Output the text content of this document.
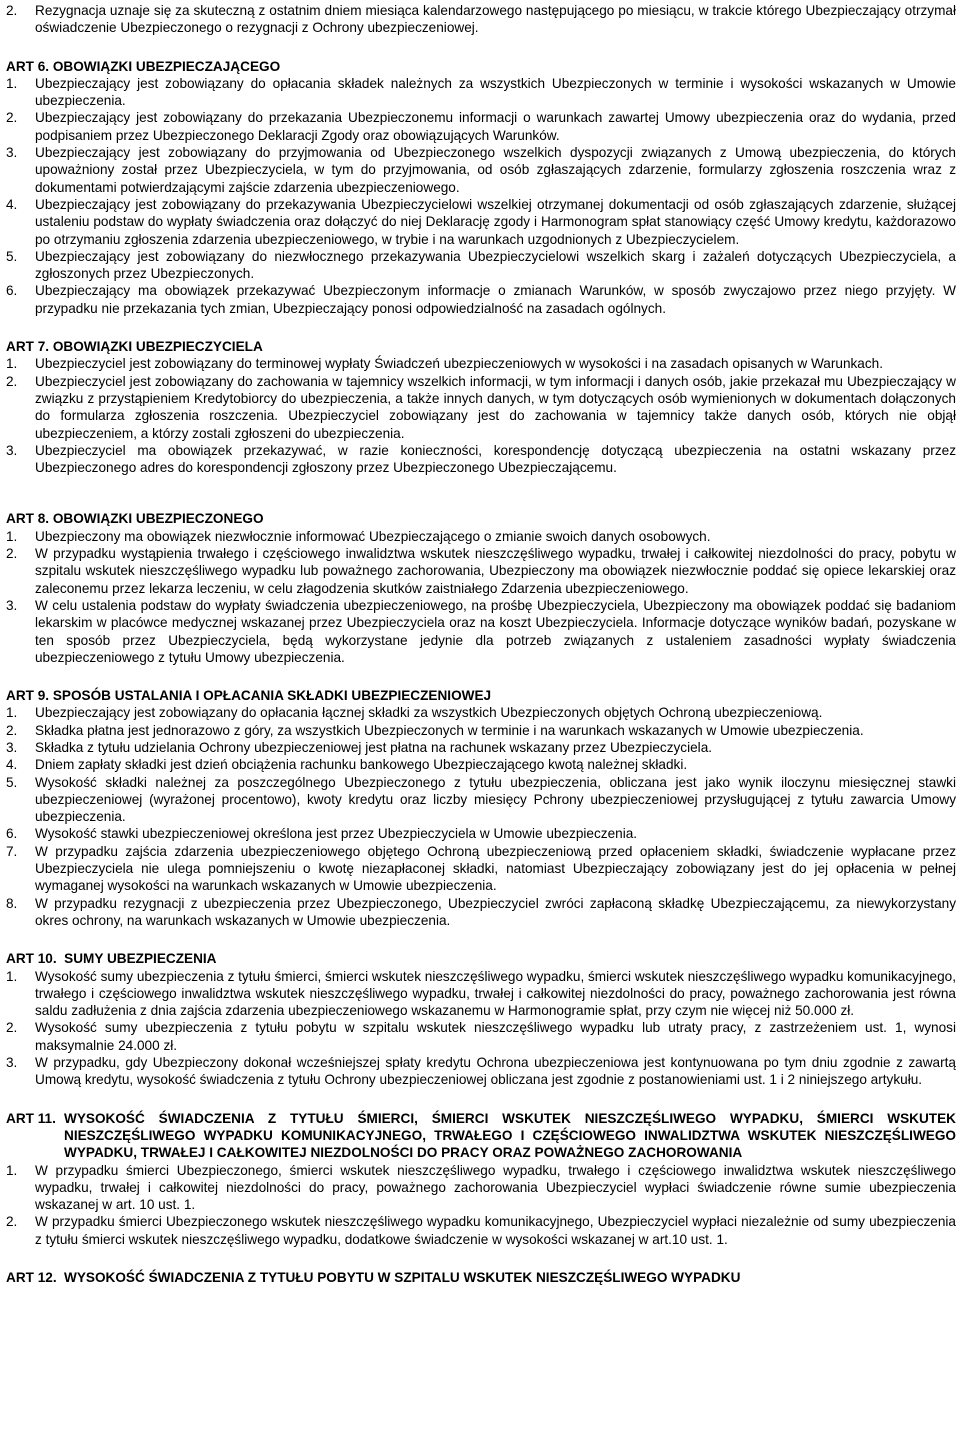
2.	Rezygnacja uznaje się za skuteczną z ostatnim dniem miesiąca kalendarzowego następującego po miesiącu, w trakcie którego Ubezpieczający otrzymał oświadczenie Ubezpieczonego o rezygnacji z Ochrony ubezpieczeniowej.
ART 6. OBOWIĄZKI UBEZPIECZAJĄCEGO
1.	Ubezpieczający jest zobowiązany do opłacania składek należnych za wszystkich Ubezpieczonych w terminie i wysokości wskazanych w Umowie ubezpieczenia.
2.	Ubezpieczający jest zobowiązany do przekazania Ubezpieczonemu informacji o warunkach zawartej Umowy ubezpieczenia oraz do wydania, przed podpisaniem przez Ubezpieczonego Deklaracji Zgody oraz obowiązujących Warunków.
3.	Ubezpieczający jest zobowiązany do przyjmowania od Ubezpieczonego wszelkich dyspozycji związanych z Umową ubezpieczenia, do których upoważniony został przez Ubezpieczyciela, w tym do przyjmowania, od osób zgłaszających zdarzenie, formularzy zgłoszenia roszczenia wraz z dokumentami potwierdzającymi zajście zdarzenia ubezpieczeniowego.
4.	Ubezpieczający jest zobowiązany do przekazywania Ubezpieczycielowi wszelkiej otrzymanej dokumentacji od osób zgłaszających zdarzenie, służącej ustaleniu podstaw do wypłaty świadczenia oraz dołączyć do niej Deklarację zgody i Harmonogram spłat stanowiący część Umowy kredytu, każdorazowo po otrzymaniu zgłoszenia zdarzenia ubezpieczeniowego, w trybie i na warunkach uzgodnionych z Ubezpieczycielem.
5.	Ubezpieczający jest zobowiązany do niezwłocznego przekazywania Ubezpieczycielowi wszelkich skarg i zażaleń dotyczących Ubezpieczyciela, a zgłoszonych przez Ubezpieczonych.
6.	Ubezpieczający ma obowiązek przekazywać Ubezpieczonym informacje o zmianach Warunków, w sposób zwyczajowo przez niego przyjęty. W przypadku nie przekazania tych zmian, Ubezpieczający ponosi odpowiedzialność na zasadach ogólnych.
ART 7. OBOWIĄZKI UBEZPIECZYCIELA
1.	Ubezpieczyciel jest zobowiązany do terminowej wypłaty Świadczeń ubezpieczeniowych w wysokości i na zasadach opisanych w Warunkach.
2.	Ubezpieczyciel jest zobowiązany do zachowania w tajemnicy wszelkich informacji, w tym informacji i danych osób, jakie przekazał mu Ubezpieczający w związku z przystąpieniem Kredytobiorcy do ubezpieczenia, a także innych danych, w tym dotyczących osób wymienionych w dokumentach dołączonych do formularza zgłoszenia roszczenia. Ubezpieczyciel zobowiązany jest do zachowania w tajemnicy także danych osób, których nie objął ubezpieczeniem, a którzy zostali zgłoszeni do ubezpieczenia.
3.	Ubezpieczyciel ma obowiązek przekazywać, w razie konieczności, korespondencję dotyczącą ubezpieczenia na ostatni wskazany przez Ubezpieczonego adres do korespondencji zgłoszony przez Ubezpieczonego Ubezpieczającemu.
ART 8. OBOWIĄZKI UBEZPIECZONEGO
1.	Ubezpieczony ma obowiązek niezwłocznie informować Ubezpieczającego o zmianie swoich danych osobowych.
2.	W przypadku wystąpienia trwałego i częściowego inwalidztwa wskutek nieszczęśliwego wypadku, trwałej i całkowitej niezdolności do pracy, pobytu w szpitalu wskutek nieszczęśliwego wypadku lub poważnego zachorowania, Ubezpieczony ma obowiązek niezwłocznie poddać się opiece lekarskiej oraz zaleconemu przez lekarza leczeniu, w celu złagodzenia skutków zaistniałego Zdarzenia ubezpieczeniowego.
3.	W celu ustalenia podstaw do wypłaty świadczenia ubezpieczeniowego, na prośbę Ubezpieczyciela, Ubezpieczony ma obowiązek poddać się badaniom lekarskim w placówce medycznej wskazanej przez Ubezpieczyciela oraz na koszt Ubezpieczyciela. Informacje dotyczące wyników badań, pozyskane w ten sposób przez Ubezpieczyciela, będą wykorzystane jedynie dla potrzeb związanych z ustaleniem zasadności wypłaty świadczenia ubezpieczeniowego z tytułu Umowy ubezpieczenia.
ART 9. SPOSÓB USTALANIA I OPŁACANIA SKŁADKI UBEZPIECZENIOWEJ
1.	Ubezpieczający jest zobowiązany do opłacania łącznej składki za wszystkich Ubezpieczonych objętych Ochroną ubezpieczeniową.
2.	Składka płatna jest jednorazowo z góry, za wszystkich Ubezpieczonych w terminie i na warunkach wskazanych w Umowie ubezpieczenia.
3.	Składka z tytułu udzielania Ochrony ubezpieczeniowej jest płatna na rachunek wskazany przez Ubezpieczyciela.
4.	Dniem zapłaty składki jest dzień obciążenia rachunku bankowego Ubezpieczającego kwotą należnej składki.
5.	Wysokość składki należnej za poszczególnego Ubezpieczonego z tytułu ubezpieczenia, obliczana jest jako wynik iloczynu miesięcznej stawki ubezpieczeniowej (wyrażonej procentowo), kwoty kredytu oraz liczby miesięcy Pchrony ubezpieczeniowej przysługującej z tytułu zawarcia Umowy ubezpieczenia.
6.	Wysokość stawki ubezpieczeniowej określona jest przez Ubezpieczyciela w Umowie ubezpieczenia.
7.	W przypadku zajścia zdarzenia ubezpieczeniowego objętego Ochroną ubezpieczeniową przed opłaceniem składki, świadczenie wypłacane przez Ubezpieczyciela nie ulega pomniejszeniu o kwotę niezapłaconej składki, natomiast Ubezpieczający zobowiązany jest do jej opłacenia w pełnej wymaganej wysokości na warunkach wskazanych w Umowie ubezpieczenia.
8.	W przypadku rezygnacji z ubezpieczenia przez Ubezpieczonego, Ubezpieczyciel zwróci zapłaconą składkę Ubezpieczającemu, za niewykorzystany okres ochrony, na warunkach wskazanych w Umowie ubezpieczenia.
ART 10. SUMY UBEZPIECZENIA
1.	Wysokość sumy ubezpieczenia z tytułu śmierci, śmierci wskutek nieszczęśliwego wypadku, śmierci wskutek nieszczęśliwego wypadku komunikacyjnego, trwałego i częściowego inwalidztwa wskutek nieszczęśliwego wypadku, trwałej i całkowitej niezdolności do pracy, poważnego zachorowania jest równa saldu zadłużenia z dnia zajścia zdarzenia ubezpieczeniowego wskazanemu w Harmonogramie spłat, przy czym nie więcej niż 50.000 zł.
2.	Wysokość sumy ubezpieczenia z tytułu pobytu w szpitalu wskutek nieszczęśliwego wypadku lub utraty pracy, z zastrzeżeniem ust. 1, wynosi maksymalnie 24.000 zł.
3.	W przypadku, gdy Ubezpieczony dokonał wcześniejszej spłaty kredytu Ochrona ubezpieczeniowa jest kontynuowana po tym dniu zgodnie z zawartą Umową kredytu, wysokość świadczenia z tytułu Ochrony ubezpieczeniowej obliczana jest zgodnie z postanowieniami ust. 1 i 2 niniejszego artykułu.
ART 11. WYSOKOŚĆ ŚWIADCZENIA Z TYTUŁU ŚMIERCI, ŚMIERCI WSKUTEK NIESZCZĘŚLIWEGO WYPADKU, ŚMIERCI WSKUTEK NIESZCZĘŚLIWEGO WYPADKU KOMUNIKACYJNEGO, TRWAŁEGO I CZĘŚCIOWEGO INWALIDZTWA WSKUTEK NIESZCZĘŚLIWEGO WYPADKU, TRWAŁEJ I CAŁKOWITEJ NIEZDOLNOŚCI DO PRACY ORAZ POWAŻNEGO ZACHOROWANIA
1.	W przypadku śmierci Ubezpieczonego, śmierci wskutek nieszczęśliwego wypadku, trwałego i częściowego inwalidztwa wskutek nieszczęśliwego wypadku, trwałej i całkowitej niezdolności do pracy, poważnego zachorowania Ubezpieczyciel wypłaci świadczenie równe sumie ubezpieczenia wskazanej w art. 10 ust. 1.
2.	W przypadku śmierci Ubezpieczonego wskutek nieszczęśliwego wypadku komunikacyjnego, Ubezpieczyciel wypłaci niezależnie od sumy ubezpieczenia z tytułu śmierci wskutek nieszczęśliwego wypadku, dodatkowe świadczenie w wysokości wskazanej w art.10 ust. 1.
ART 12. WYSOKOŚĆ ŚWIADCZENIA Z TYTUŁU POBYTU W SZPITALU WSKUTEK NIESZCZĘŚLIWEGO WYPADKU
